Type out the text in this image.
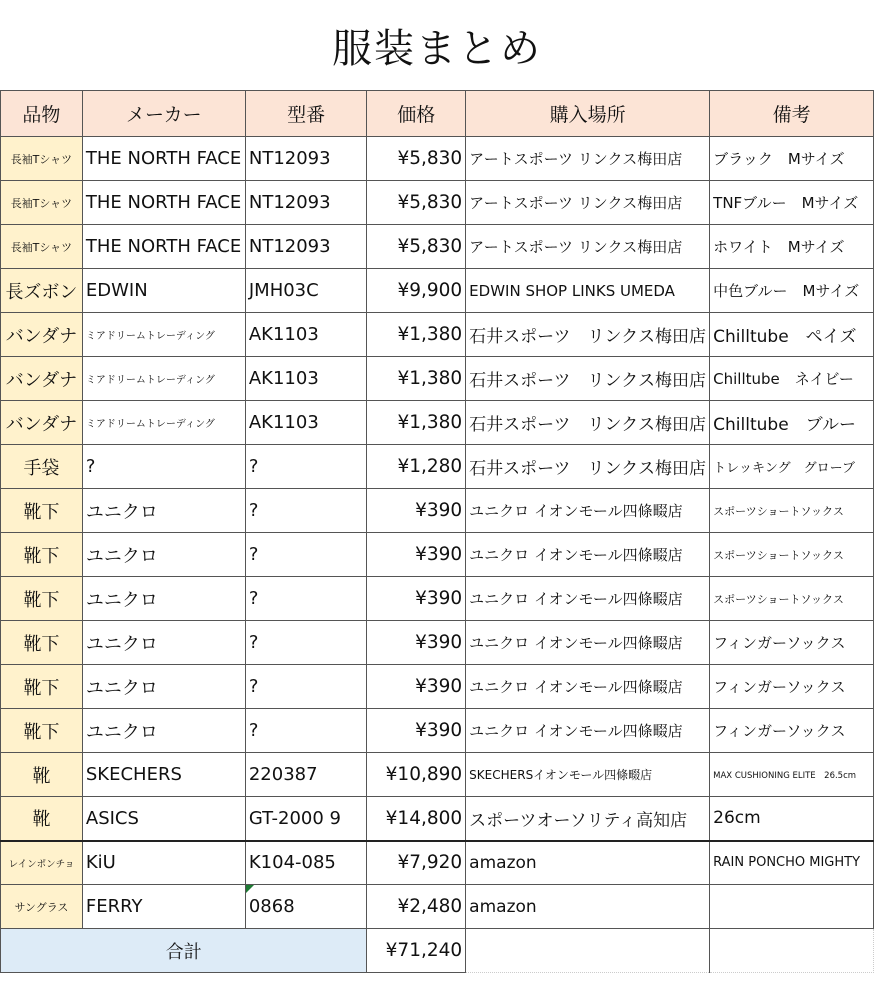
服装まとめ
品物	メーカー	型番	価格	購入場所	備考
長袖Tシャツ	THE NORTH FACE	NT12093	¥5,830	アートスポーツ リンクス梅田店	ブラック　Mサイズ
長袖Tシャツ	THE NORTH FACE	NT12093	¥5,830	アートスポーツ リンクス梅田店	TNFブルー　Mサイズ
長袖Tシャツ	THE NORTH FACE	NT12093	¥5,830	アートスポーツ リンクス梅田店	ホワイト　Mサイズ
長ズボン	EDWIN	JMH03C	¥9,900	EDWIN SHOP LINKS UMEDA	中色ブルー　Mサイズ
バンダナ	ミアドリームトレーディング	AK1103	¥1,380	石井スポーツ　リンクス梅田店	Chilltube　ペイズ
バンダナ	ミアドリームトレーディング	AK1103	¥1,380	石井スポーツ　リンクス梅田店	Chilltube　ネイビー
バンダナ	ミアドリームトレーディング	AK1103	¥1,380	石井スポーツ　リンクス梅田店	Chilltube　ブルー
手袋	?	?	¥1,280	石井スポーツ　リンクス梅田店	トレッキング　グローブ
靴下	ユニクロ	?	¥390	ユニクロ イオンモール四條畷店	スポーツショートソックス
靴下	ユニクロ	?	¥390	ユニクロ イオンモール四條畷店	スポーツショートソックス
靴下	ユニクロ	?	¥390	ユニクロ イオンモール四條畷店	スポーツショートソックス
靴下	ユニクロ	?	¥390	ユニクロ イオンモール四條畷店	フィンガーソックス
靴下	ユニクロ	?	¥390	ユニクロ イオンモール四條畷店	フィンガーソックス
靴下	ユニクロ	?	¥390	ユニクロ イオンモール四條畷店	フィンガーソックス
靴	SKECHERS	220387	¥10,890	SKECHERSイオンモール四條畷店	MAX CUSHIONING ELITE　26.5cm
靴	ASICS	GT-2000 9	¥14,800	スポーツオーソリティ高知店	26cm
レインポンチョ	KiU	K104-085	¥7,920	amazon	RAIN PONCHO MIGHTY
サングラス	FERRY	0868	¥2,480	amazon	
合計			¥71,240		
